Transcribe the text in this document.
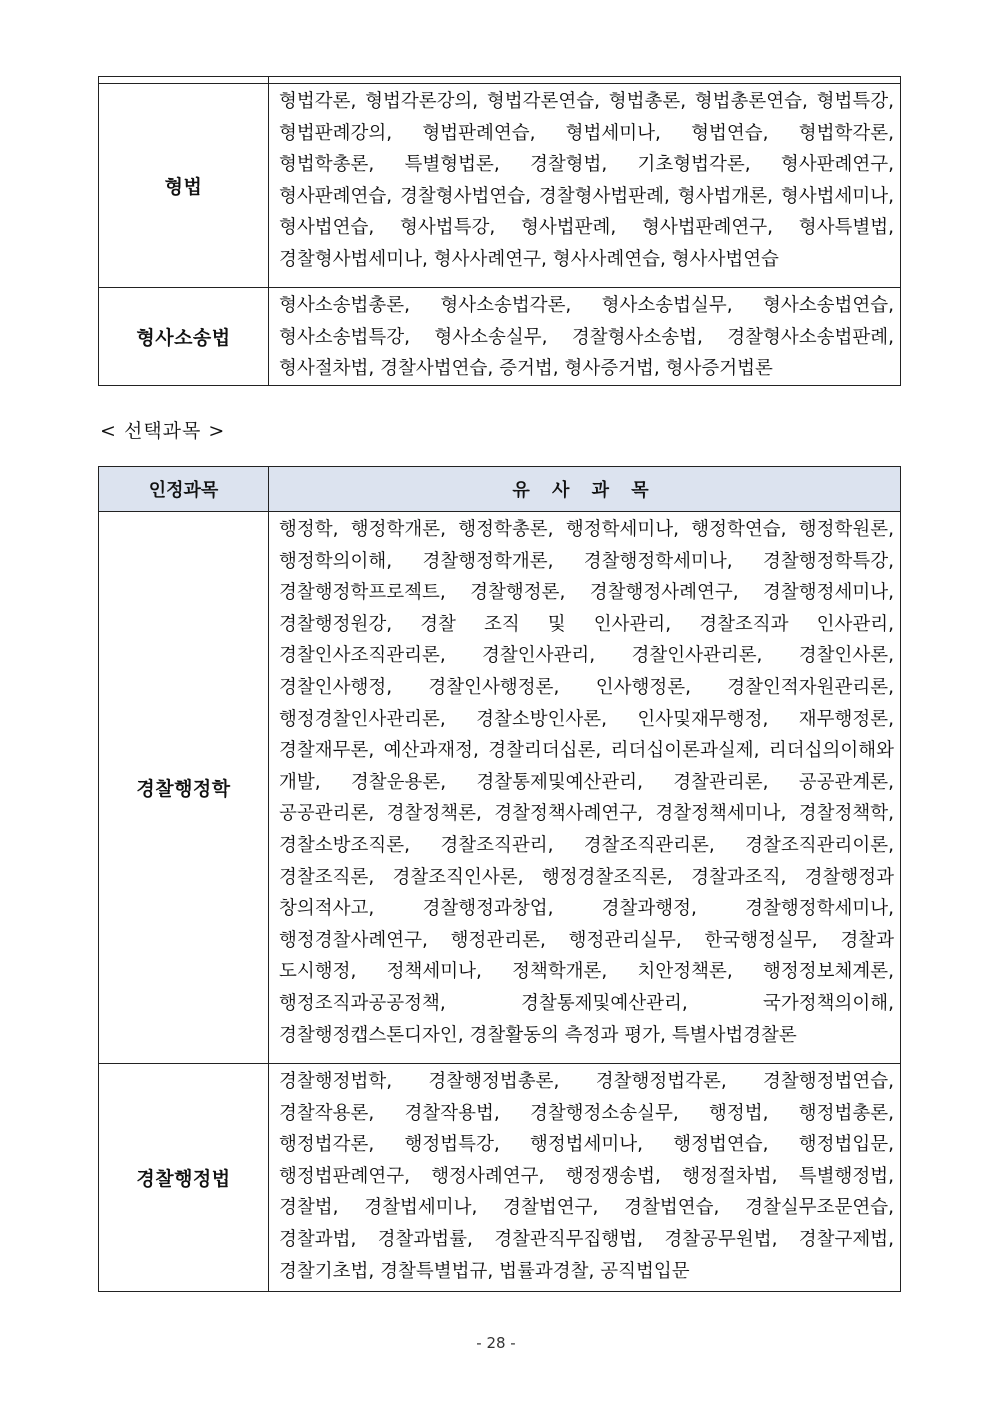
형법	형법각론, 형법각론강의, 형법각론연습, 형법총론, 형법총론연습, 형법특강, 형법판례강의, 형법판례연습, 형법세미나, 형법연습, 형법학각론, 형법학총론, 특별형법론, 경찰형법, 기초형법각론, 형사판례연구, 형사판례연습, 경찰형사법연습, 경찰형사법판례, 형사법개론, 형사법세미나, 형사법연습, 형사법특강, 형사법판례, 형사법판례연구, 형사특별법, 경찰형사법세미나, 형사사례연구, 형사사례연습, 형사사법연습
형사소송법	형사소송법총론, 형사소송법각론, 형사소송법실무, 형사소송법연습, 형사소송법특강, 형사소송실무, 경찰형사소송법, 경찰형사소송법판례, 형사절차법, 경찰사법연습, 증거법, 형사증거법, 형사증거법론
< 선택과목 >
인정과목	유 사 과 목
경찰행정학	행정학, 행정학개론, 행정학총론, 행정학세미나, 행정학연습, 행정학원론, 행정학의이해, 경찰행정학개론, 경찰행정학세미나, 경찰행정학특강, 경찰행정학프로젝트, 경찰행정론, 경찰행정사례연구, 경찰행정세미나, 경찰행정원강, 경찰 조직 및 인사관리, 경찰조직과 인사관리, 경찰인사조직관리론, 경찰인사관리, 경찰인사관리론, 경찰인사론, 경찰인사행정, 경찰인사행정론, 인사행정론, 경찰인적자원관리론, 행정경찰인사관리론, 경찰소방인사론, 인사및재무행정, 재무행정론, 경찰재무론, 예산과재정, 경찰리더십론, 리더십이론과실제, 리더십의이해와 개발, 경찰운용론, 경찰통제및예산관리, 경찰관리론, 공공관계론, 공공관리론, 경찰정책론, 경찰정책사례연구, 경찰정책세미나, 경찰정책학, 경찰소방조직론, 경찰조직관리, 경찰조직관리론, 경찰조직관리이론, 경찰조직론, 경찰조직인사론, 행정경찰조직론, 경찰과조직, 경찰행정과 창의적사고, 경찰행정과창업, 경찰과행정, 경찰행정학세미나, 행정경찰사례연구, 행정관리론, 행정관리실무, 한국행정실무, 경찰과 도시행정, 정책세미나, 정책학개론, 치안정책론, 행정정보체계론, 행정조직과공공정책, 경찰통제및예산관리, 국가정책의이해, 경찰행정캡스톤디자인, 경찰활동의 측정과 평가, 특별사법경찰론
경찰행정법	경찰행정법학, 경찰행정법총론, 경찰행정법각론, 경찰행정법연습, 경찰작용론, 경찰작용법, 경찰행정소송실무, 행정법, 행정법총론, 행정법각론, 행정법특강, 행정법세미나, 행정법연습, 행정법입문, 행정법판례연구, 행정사례연구, 행정쟁송법, 행정절차법, 특별행정법, 경찰법, 경찰법세미나, 경찰법연구, 경찰법연습, 경찰실무조문연습, 경찰과법, 경찰과법률, 경찰관직무집행법, 경찰공무원법, 경찰구제법, 경찰기초법, 경찰특별법규, 법률과경찰, 공직법입문
- 28 -
